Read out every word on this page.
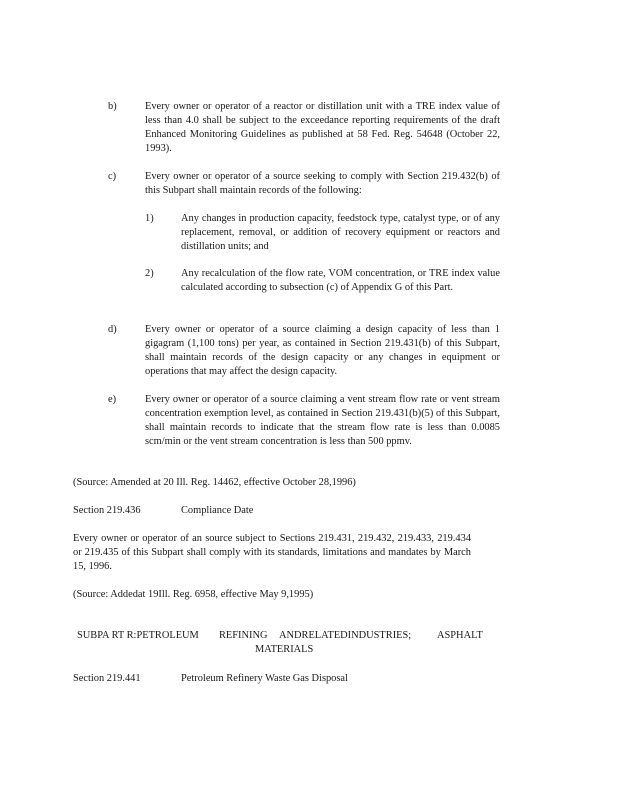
b)	Every owner or operator of a reactor or distillation unit with a TRE index value of less than 4.0 shall be subject to the exceedance reporting requirements of the draft Enhanced Monitoring Guidelines as published at 58 Fed. Reg. 54648 (October 22, 1993).
c)	Every owner or operator of a source seeking to comply with Section 219.432(b) of this Subpart shall maintain records of the following:
1)	Any changes in production capacity, feedstock type, catalyst type, or of any replacement, removal, or addition of recovery equipment or reactors and distillation units; and
2)	Any recalculation of the flow rate, VOM concentration, or TRE index value calculated according to subsection (c) of Appendix G of this Part.
d)	Every owner or operator of a source claiming a design capacity of less than 1 gigagram (1,100 tons) per year, as contained in Section 219.431(b) of this Subpart, shall maintain records of the design capacity or any changes in equipment or operations that may affect the design capacity.
e)	Every owner or operator of a source claiming a vent stream flow rate or vent stream concentration exemption level, as contained in Section 219.431(b)(5) of this Subpart, shall maintain records to indicate that the stream flow rate is less than 0.0085 scm/min or the vent stream concentration is less than 500 ppmv.
(Source: Amended at 20 Ill. Reg. 14462, effective October 28,1996)
Section 219.436	Compliance Date
Every owner or operator of an source subject to Sections 219.431, 219.432, 219.433, 219.434 or 219.435 of this Subpart shall comply with its standards, limitations and mandates by March 15, 1996.
(Source: Addedat 19Ill. Reg. 6958, effective May 9,1995)
SUBPA RT R:PETROLEUM REFINING ANDRELATEDINDUSTRIES; ASPHALT
MATERIALS
Section 219.441	Petroleum Refinery Waste Gas Disposal
